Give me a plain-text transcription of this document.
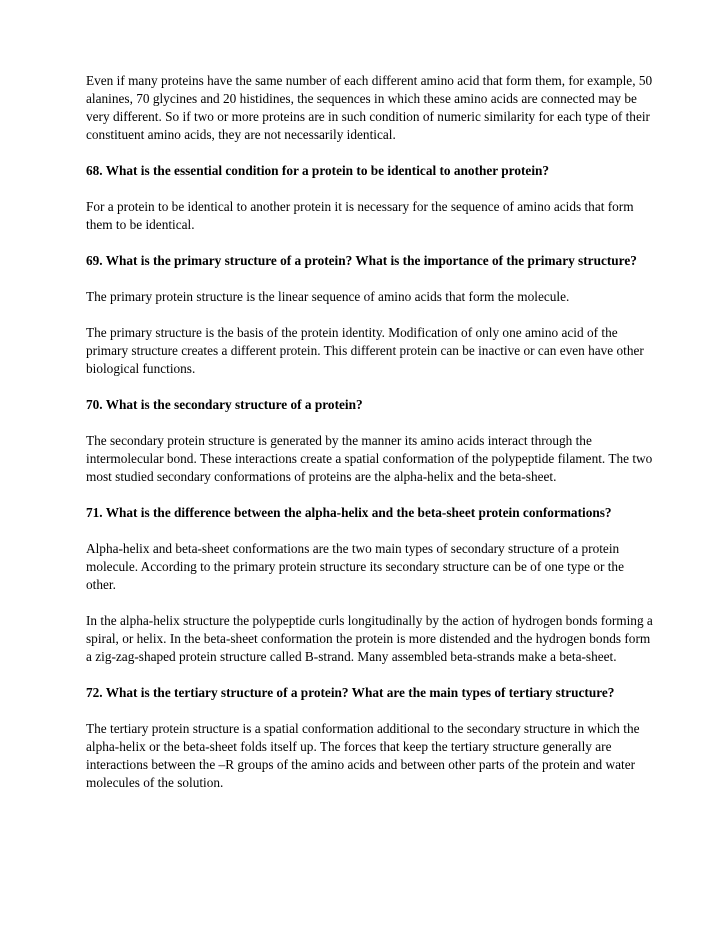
Even if many proteins have the same number of each different amino acid that form them, for example, 50 alanines, 70 glycines and 20 histidines, the sequences in which these amino acids are connected may be very different. So if two or more proteins are in such condition of numeric similarity for each type of their constituent amino acids, they are not necessarily identical.

68. What is the essential condition for a protein to be identical to another protein?

For a protein to be identical to another protein it is necessary for the sequence of amino acids that form them to be identical.

69. What is the primary structure of a protein? What is the importance of the primary structure?

The primary protein structure is the linear sequence of amino acids that form the molecule.

The primary structure is the basis of the protein identity. Modification of only one amino acid of the primary structure creates a different protein. This different protein can be inactive or can even have other biological functions.

70. What is the secondary structure of a protein?

The secondary protein structure is generated by the manner its amino acids interact through the intermolecular bond. These interactions create a spatial conformation of the polypeptide filament. The two most studied secondary conformations of proteins are the alpha-helix and the beta-sheet.

71. What is the difference between the alpha-helix and the beta-sheet protein conformations?

Alpha-helix and beta-sheet conformations are the two main types of secondary structure of a protein molecule. According to the primary protein structure its secondary structure can be of one type or the other.

In the alpha-helix structure the polypeptide curls longitudinally by the action of hydrogen bonds forming a spiral, or helix. In the beta-sheet conformation the protein is more distended and the hydrogen bonds form a zig-zag-shaped protein structure called B-strand. Many assembled beta-strands make a beta-sheet.

72. What is the tertiary structure of a protein? What are the main types of tertiary structure?

The tertiary protein structure is a spatial conformation additional to the secondary structure in which the alpha-helix or the beta-sheet folds itself up. The forces that keep the tertiary structure generally are interactions between the –R groups of the amino acids and between other parts of the protein and water molecules of the solution.
